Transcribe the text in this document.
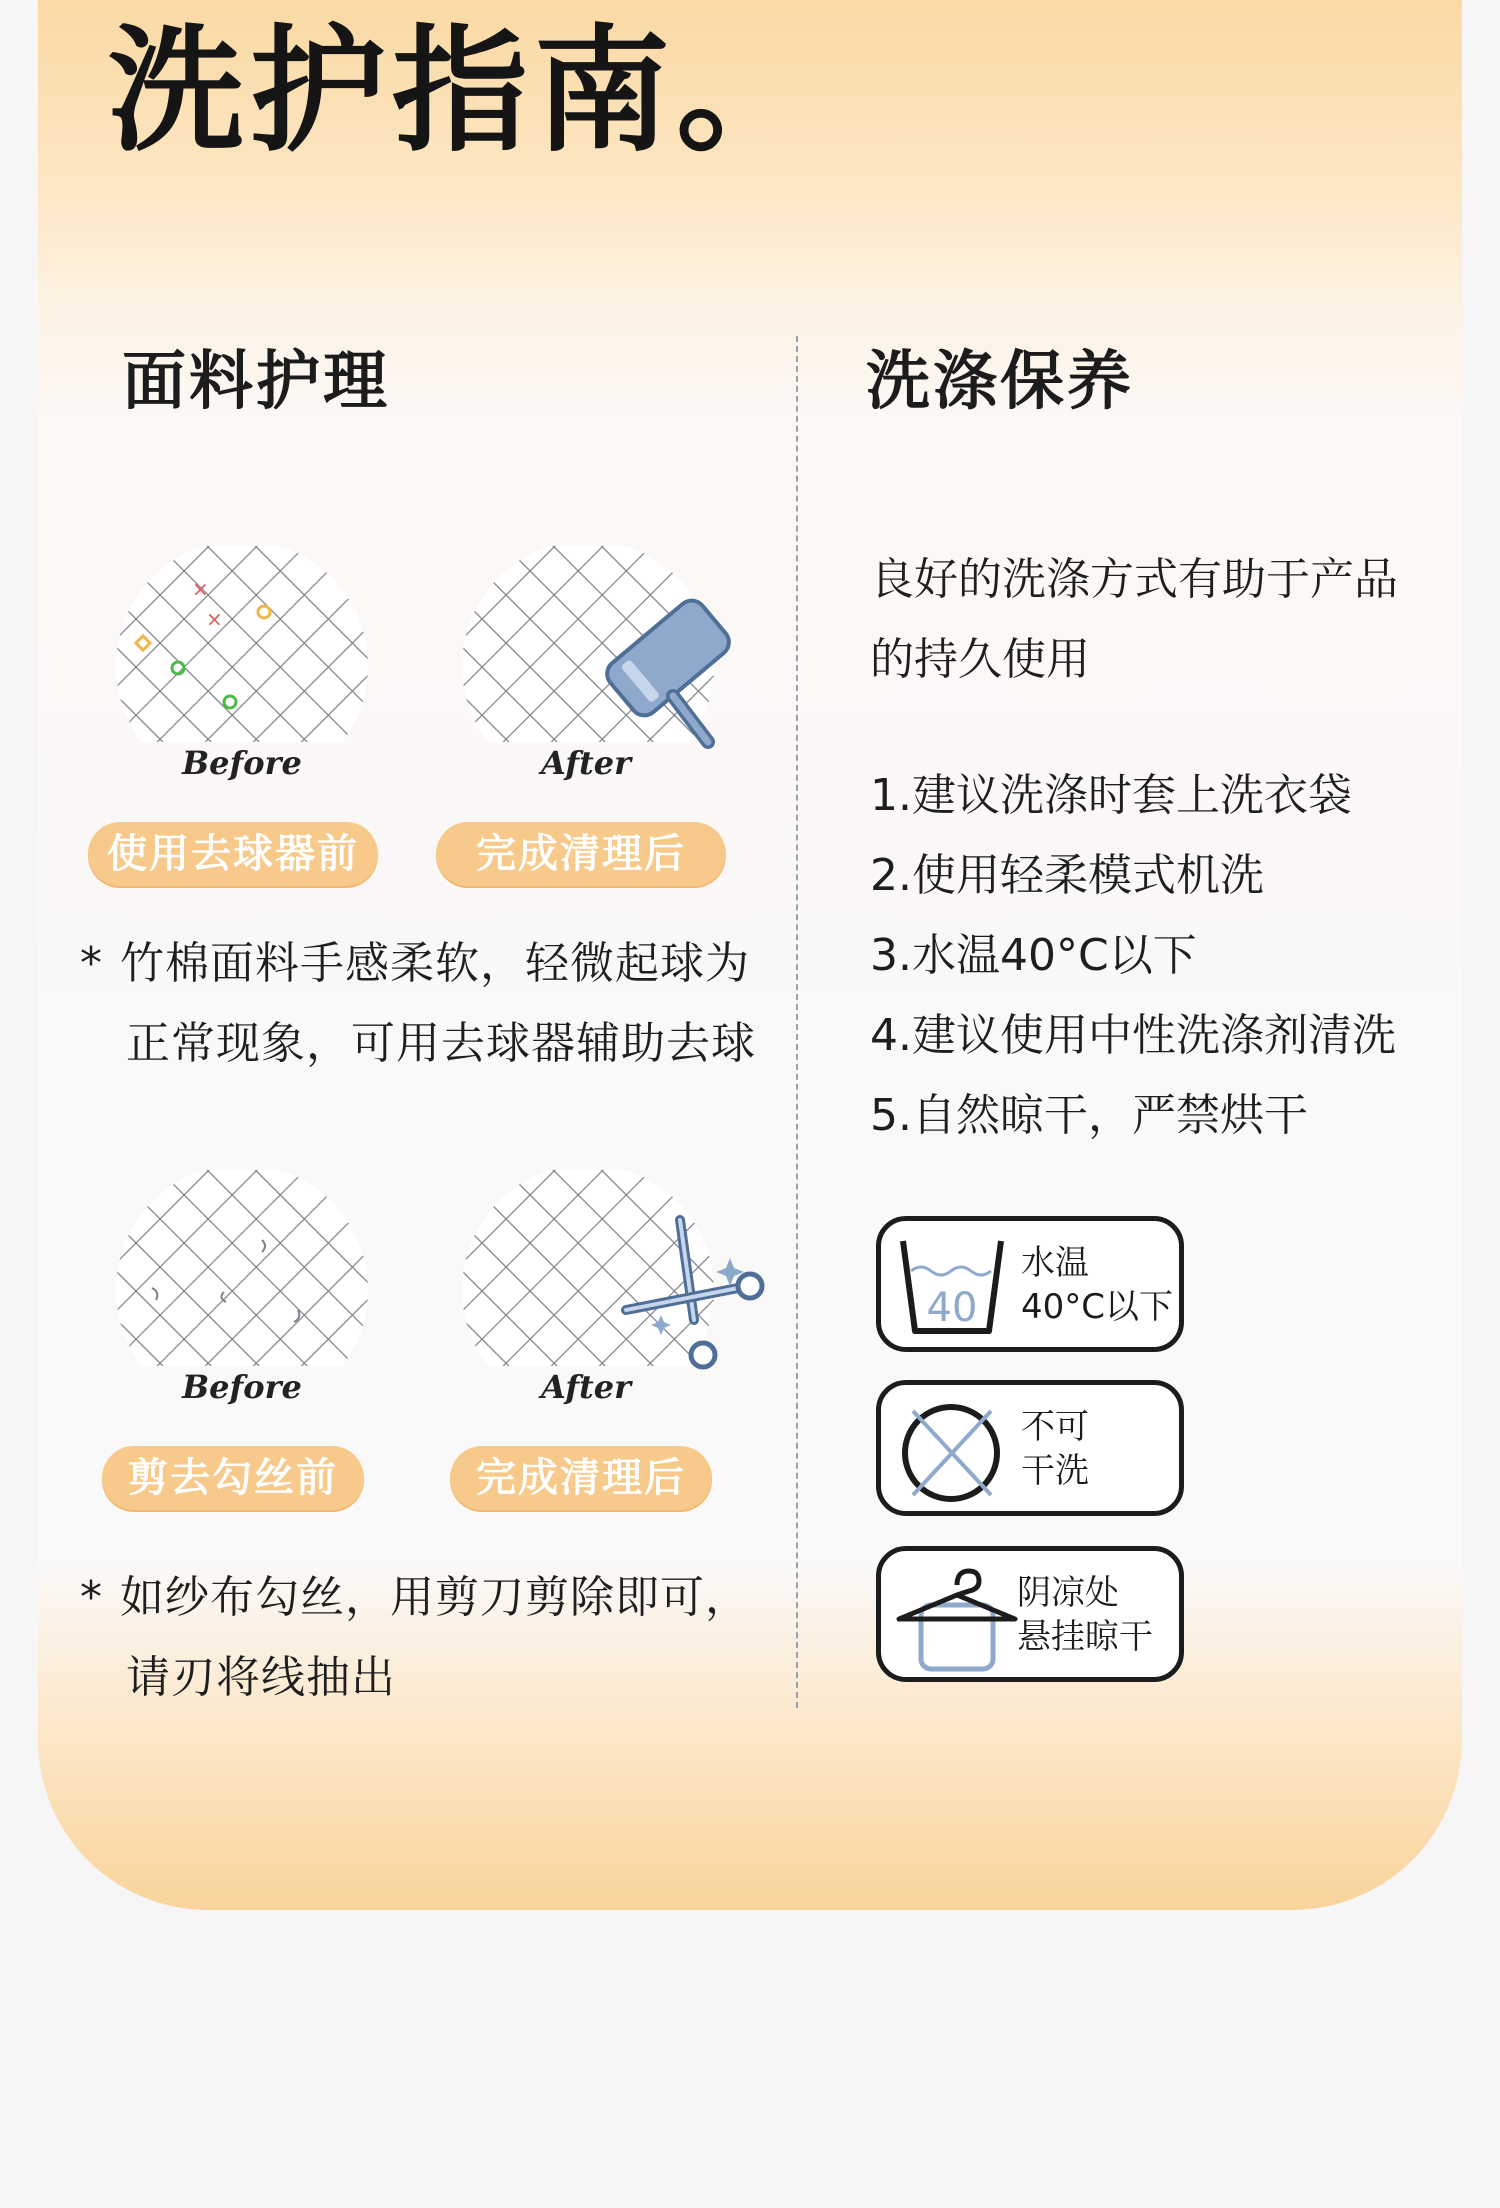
洗护指南。
面料护理	洗涤保养
×
×
Before
使用去球器前
After
完成清理后
* 竹棉面料手感柔软，轻微起球为
正常现象，可用去球器辅助去球
Before
剪去勾丝前
After
完成清理后
* 如纱布勾丝，用剪刀剪除即可，
请刃将线抽出
良好的洗涤方式有助于产品
的持久使用
1.建议洗涤时套上洗衣袋
2.使用轻柔模式机洗
3.水温40°C以下
4.建议使用中性洗涤剂清洗
5.自然晾干，严禁烘干
40
水温
40°C以下
不可
干洗
阴凉处
悬挂晾干
